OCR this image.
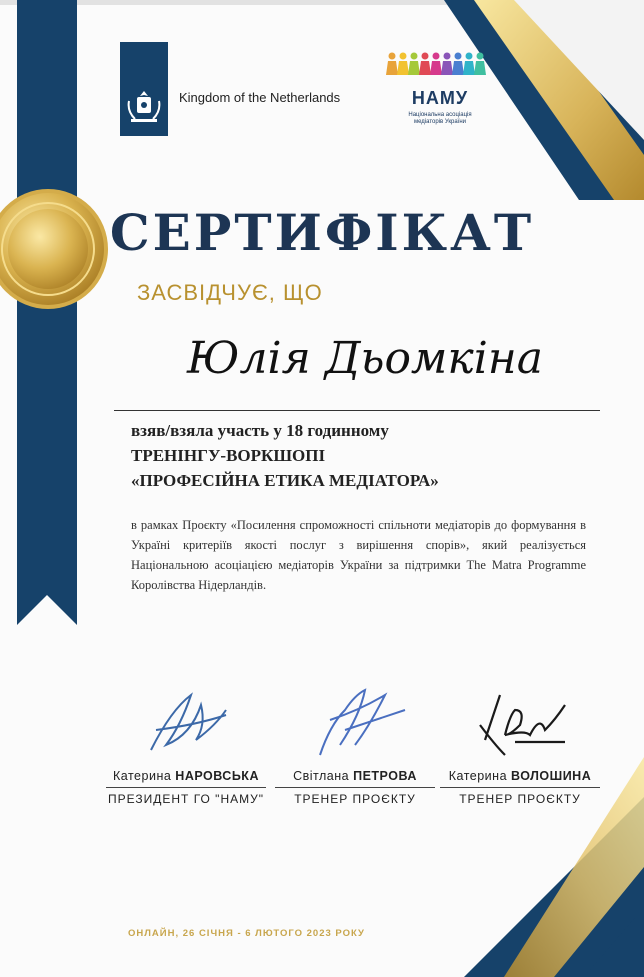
Kingdom of the Netherlands	НАМУ
Національна асоціація
медіаторів України
СЕРТИФІКАТ
ЗАСВІДЧУЄ, ЩО
Юлія Дьомкіна
взяв/взяла участь у 18 годинному
ТРЕНІНГУ-ВОРКШОПІ
«ПРОФЕСІЙНА ЕТИКА МЕДІАТОРА»
в рамках Проєкту «Посилення спроможності спільноти медіаторів до формування в Україні критеріїв якості послуг з вирішення спорів», який реалізується Національною асоціацією медіаторів України за підтримки The Matra Programme Королівства Нідерландів.
Катерина НАРОВСЬКА
ПРЕЗИДЕНТ ГО "НАМУ"
Світлана ПЕТРОВА
ТРЕНЕР ПРОЄКТУ
Катерина ВОЛОШИНА
ТРЕНЕР ПРОЄКТУ
ОНЛАЙН, 26 СІЧНЯ - 6 ЛЮТОГО 2023 РОКУ
